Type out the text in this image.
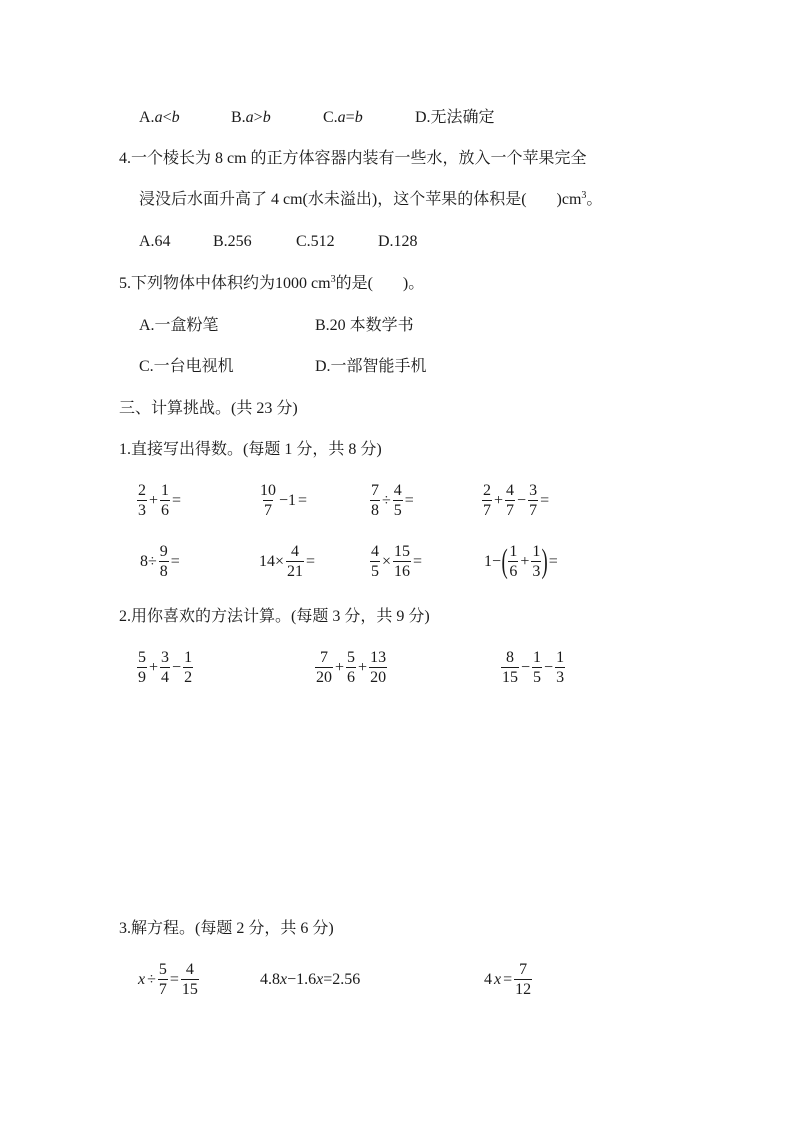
A.a<b	B.a>b	C.a=b	D.无法确定
4.一个棱长为 8 cm 的正方体容器内装有一些水，放入一个苹果完全
浸没后水面升高了 4 cm(水未溢出)，这个苹果的体积是( )$cm^3$。
A.64	B.256	C.512	D.128
5.下列物体中体积约为1000 $cm^3$的是( )。
A.一盒粉笔	B.20 本数学书
C.一台电视机	D.一部智能手机
三、计算挑战。(共 23 分)
1.直接写出得数。(每题 1 分，共 8 分)
$\frac{2}{3} + \frac{1}{6}$ =	$\frac{10}{7} -1$ =	$\frac{7}{8} \div \frac{4}{5}$ =	$\frac{2}{7} + \frac{4}{7} - \frac{3}{7}$ =
$8\div \frac{9}{8}$ =	$14\times \frac{4}{21}$ =	$\frac{4}{5} \times \frac{15}{16}$ =	1− ( $\frac{1}{6} + \frac{1}{3}$ ) =
2.用你喜欢的方法计算。(每题 3 分，共 9 分)
$\frac{5}{9} + \frac{3}{4} - \frac{1}{2}$	$\frac{7}{20} + \frac{5}{6} + \frac{13}{20}$	$\frac{8}{15} - \frac{1}{5} - \frac{1}{3}$
3.解方程。(每题 2 分，共 6 分)
$x \div \frac{5}{7} = \frac{4}{15}$	4.8x−1.6x=2.56	4 $x = \frac{7}{12}$
